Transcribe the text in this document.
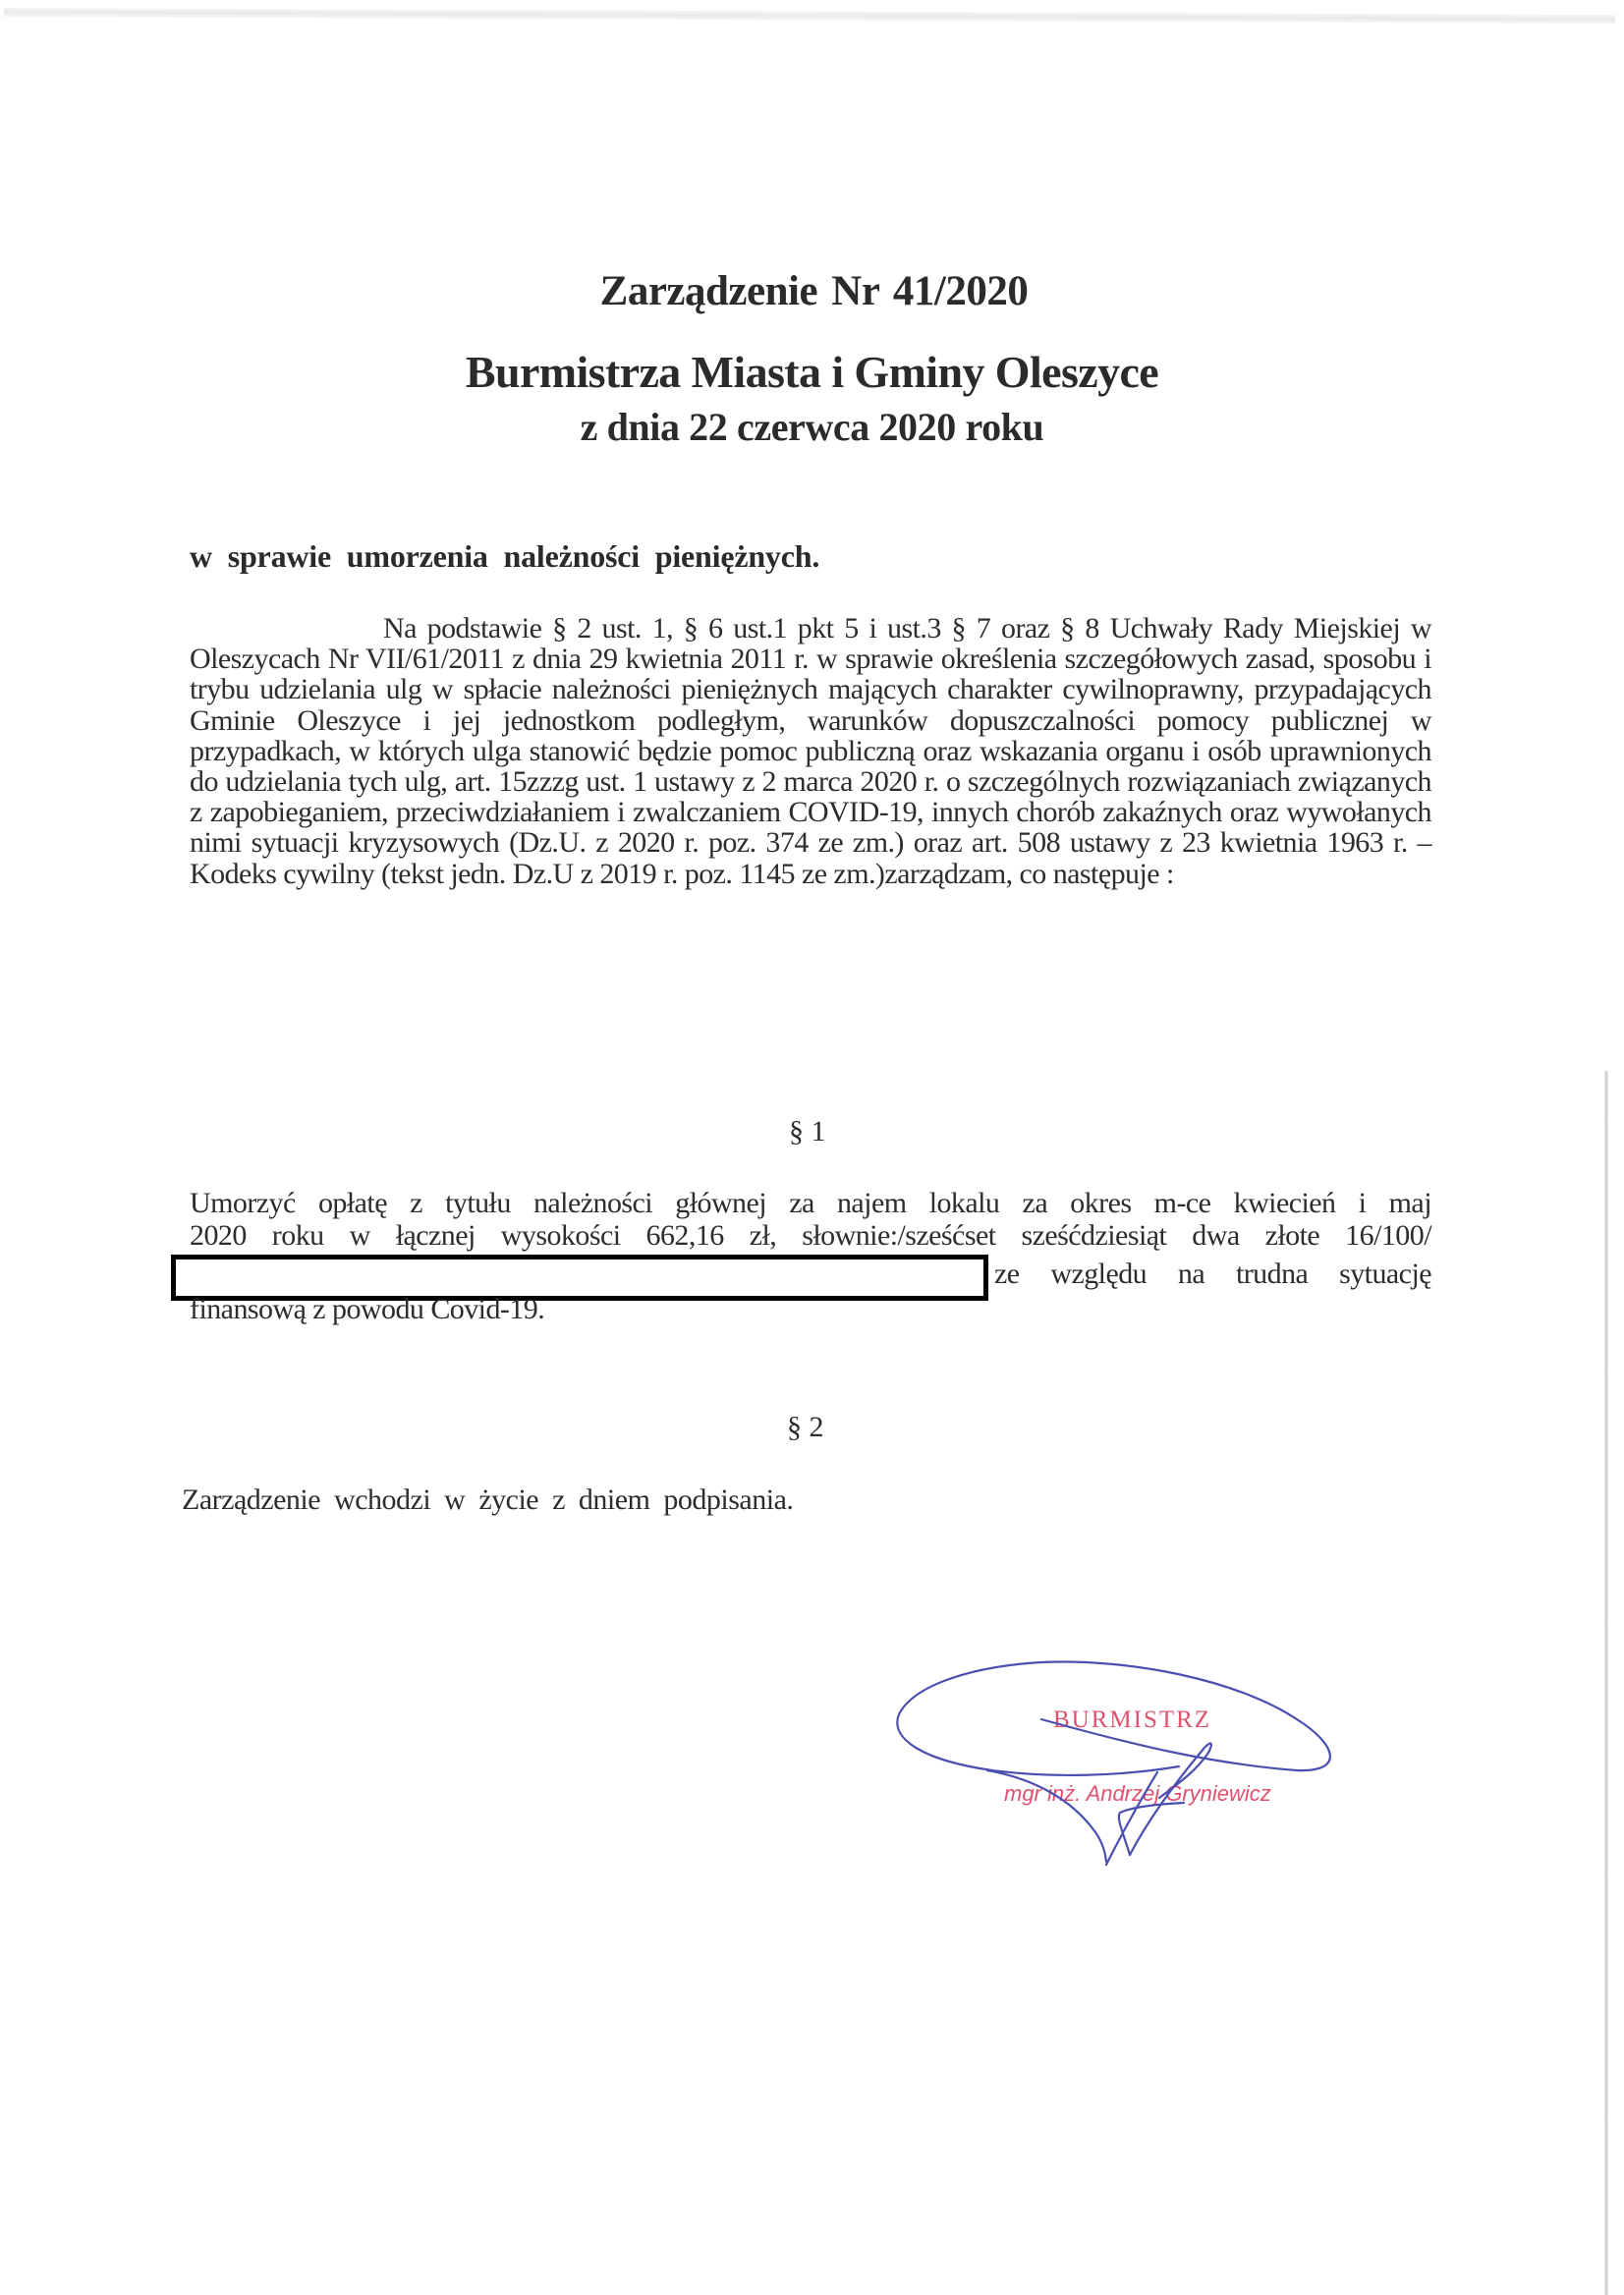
Zarządzenie Nr 41/2020
Burmistrza Miasta i Gminy Oleszyce
z dnia 22 czerwca 2020 roku
w sprawie umorzenia należności pieniężnych.
Na podstawie § 2 ust. 1, § 6 ust.1 pkt 5 i ust.3 § 7 oraz § 8 Uchwały Rady Miejskiej w Oleszycach Nr VII/61/2011 z dnia 29 kwietnia 2011 r. w sprawie określenia szczegółowych zasad, sposobu i trybu udzielania ulg w spłacie należności pieniężnych mających charakter cywilnoprawny, przypadających Gminie Oleszyce i jej jednostkom podległym, warunków dopuszczalności pomocy publicznej w przypadkach, w których ulga stanowić będzie pomoc publiczną oraz wskazania organu i osób uprawnionych do udzielania tych ulg, art. 15zzzg ust. 1 ustawy z 2 marca 2020 r. o szczególnych rozwiązaniach związanych z zapobieganiem, przeciwdziałaniem i zwalczaniem COVID-19, innych chorób zakaźnych oraz wywołanych nimi sytuacji kryzysowych (Dz.U. z 2020 r. poz. 374 ze zm.) oraz art. 508 ustawy z 23 kwietnia 1963 r. – Kodeks cywilny (tekst jedn. Dz.U z 2019 r. poz. 1145 ze zm.)zarządzam, co następuje :
§ 1
Umorzyć opłatę z tytułu należności głównej za najem lokalu za okres m-ce kwiecień i maj
2020 roku w łącznej wysokości 662,16 zł, słownie:/sześćset sześćdziesiąt dwa złote 16/100/
ze względu na trudna sytuację
finansową z powodu Covid-19.
§ 2
Zarządzenie wchodzi w życie z dniem podpisania.
BURMISTRZ
mgr inż. Andrzej Gryniewicz
